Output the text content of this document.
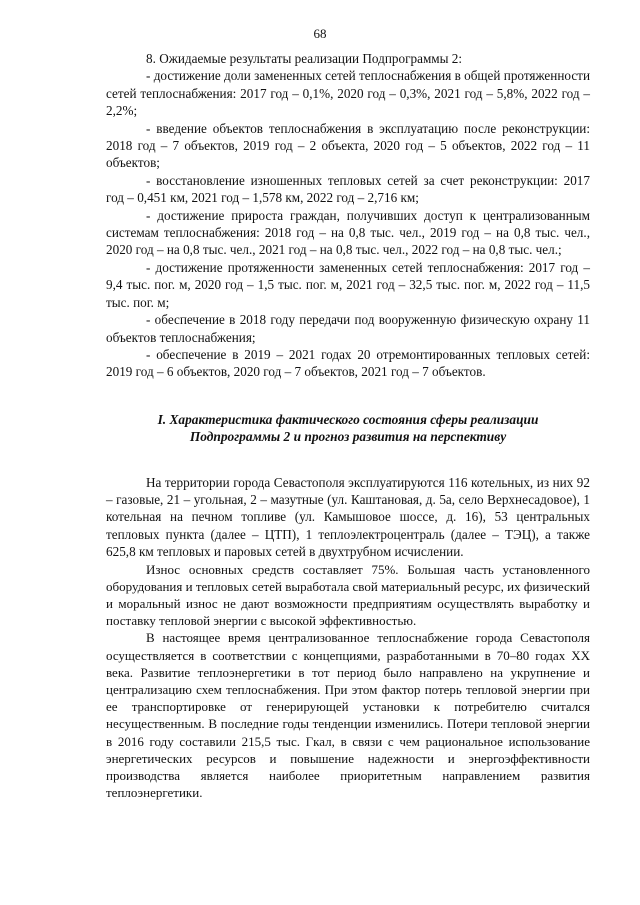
68

8. Ожидаемые результаты реализации Подпрограммы 2:

- достижение доли замененных сетей теплоснабжения в общей протяженности сетей теплоснабжения: 2017 год – 0,1%, 2020 год – 0,3%, 2021 год – 5,8%, 2022 год – 2,2%;

- введение объектов теплоснабжения в эксплуатацию после реконструкции: 2018 год – 7 объектов, 2019 год – 2 объекта, 2020 год – 5 объектов, 2022 год – 11 объектов;

- восстановление изношенных тепловых сетей за счет реконструкции: 2017 год – 0,451 км, 2021 год – 1,578 км, 2022 год – 2,716 км;

- достижение прироста граждан, получивших доступ к централизованным системам теплоснабжения: 2018 год – на 0,8 тыс. чел., 2019 год – на 0,8 тыс. чел., 2020 год – на 0,8 тыс. чел., 2021 год – на 0,8 тыс. чел., 2022 год – на 0,8 тыс. чел.;

- достижение протяженности замененных сетей теплоснабжения: 2017 год – 9,4 тыс. пог. м, 2020 год – 1,5 тыс. пог. м, 2021 год – 32,5 тыс. пог. м, 2022 год – 11,5 тыс. пог. м;

- обеспечение в 2018 году передачи под вооруженную физическую охрану 11 объектов теплоснабжения;

- обеспечение в 2019 – 2021 годах 20 отремонтированных тепловых сетей: 2019 год – 6 объектов, 2020 год – 7 объектов, 2021 год – 7 объектов.

I. Характеристика фактического состояния сферы реализации
Подпрограммы 2 и прогноз развития на перспективу

На территории города Севастополя эксплуатируются 116 котельных, из них 92 – газовые, 21 – угольная, 2 – мазутные (ул. Каштановая, д. 5а, село Верхнесадовое), 1 котельная на печном топливе (ул. Камышовое шоссе, д. 16), 53 центральных тепловых пункта (далее – ЦТП), 1 теплоэлектроцентраль (далее – ТЭЦ), а также 625,8 км тепловых и паровых сетей в двухтрубном исчислении.

Износ основных средств составляет 75%. Большая часть установленного оборудования и тепловых сетей выработала свой материальный ресурс, их физический и моральный износ не дают возможности предприятиям осуществлять выработку и поставку тепловой энергии с высокой эффективностью.

В настоящее время централизованное теплоснабжение города Севастополя осуществляется в соответствии с концепциями, разработанными в 70–80 годах XX века. Развитие теплоэнергетики в тот период было направлено на укрупнение и централизацию схем теплоснабжения. При этом фактор потерь тепловой энергии при ее транспортировке от генерирующей установки к потребителю считался несущественным. В последние годы тенденции изменились. Потери тепловой энергии в 2016 году составили 215,5 тыс. Гкал, в связи с чем рациональное использование энергетических ресурсов и повышение надежности и энергоэффективности производства является наиболее приоритетным направлением развития теплоэнергетики.
